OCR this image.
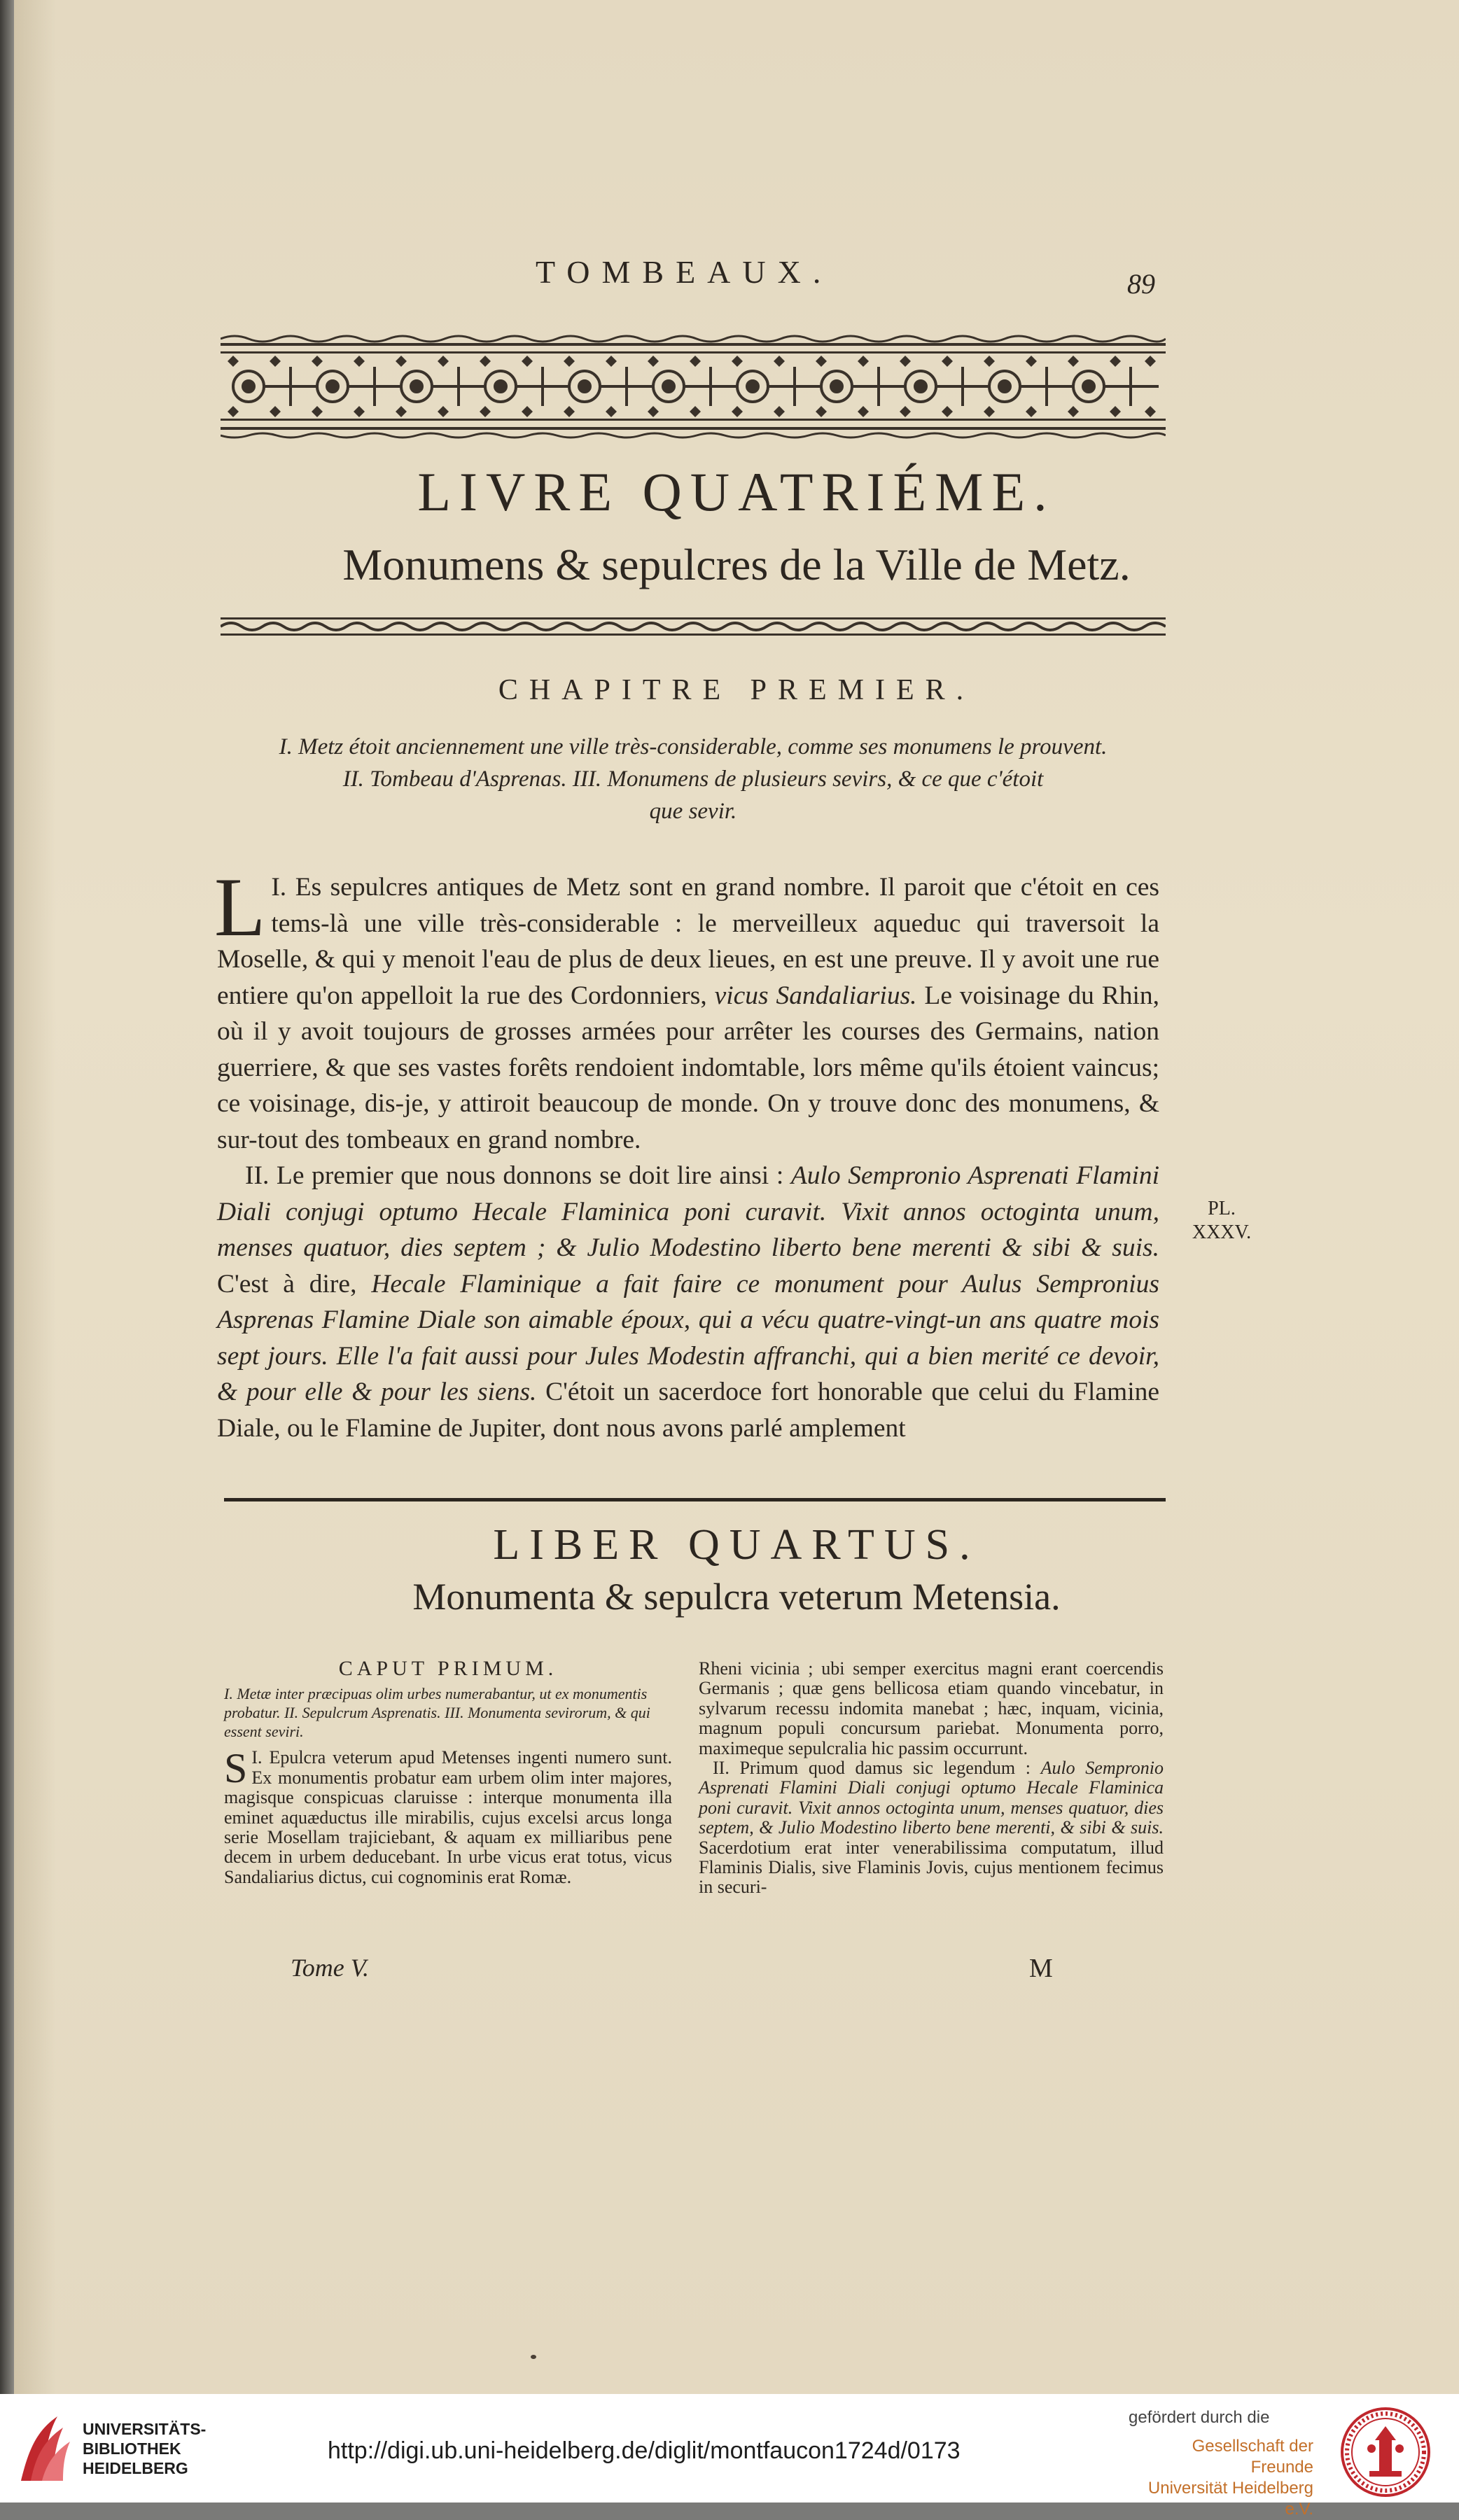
TOMBEAUX.	89
LIVRE QUATRIÉME.
Monumens & sepulcres de la Ville de Metz.
CHAPITRE PREMIER.
I. Metz étoit anciennement une ville très-considerable, comme ses monumens le prouvent.
II. Tombeau d'Asprenas. III. Monumens de plusieurs sevirs, & ce que c'étoit
que sevir.

I.
L Es sepulcres antiques de Metz sont en grand nombre. Il paroit que c'étoit en ces tems-là une ville très-considerable : le merveilleux aqueduc qui traversoit la Moselle, & qui y menoit l'eau de plus de deux lieues, en est une preuve. Il y avoit une rue entiere qu'on appelloit la rue des Cordonniers, vicus Sandaliarius. Le voisinage du Rhin, où il y avoit toujours de grosses armées pour arrêter les courses des Germains, nation guerriere, & que ses vastes forêts rendoient indomtable, lors même qu'ils étoient vaincus; ce voisinage, dis-je, y attiroit beaucoup de monde. On y trouve donc des monumens, & sur-tout des tombeaux en grand nombre.

II. Le premier que nous donnons se doit lire ainsi : Aulo Sempronio Asprenati Flamini Diali conjugi optumo Hecale Flaminica poni curavit. Vixit annos octoginta unum, menses quatuor, dies septem ; & Julio Modestino liberto bene merenti & sibi & suis. C'est à dire, Hecale Flaminique a fait faire ce monument pour Aulus Sempronius Asprenas Flamine Diale son aimable époux, qui a vécu quatre-vingt-un ans quatre mois sept jours. Elle l'a fait aussi pour Jules Modestin affranchi, qui a bien merité ce devoir, & pour elle & pour les siens. C'étoit un sacerdoce fort honorable que celui du Flamine Diale, ou le Flamine de Jupiter, dont nous avons parlé amplement

PL.
XXXV.
LIBER QUARTUS.
Monumenta & sepulcra veterum Metensia.
CAPUT PRIMUM.
I. Metæ inter præcipuas olim urbes numerabantur, ut ex monumentis probatur. II. Sepulcrum Asprenatis. III. Monumenta sevirorum, & qui essent seviri.

I.
S Epulcra veterum apud Metenses ingenti numero sunt. Ex monumentis probatur eam urbem olim inter majores, magisque conspicuas claruisse : interque monumenta illa eminet aquæductus ille mirabilis, cujus excelsi arcus longa serie Mosellam trajiciebant, & aquam ex milliaribus pene decem in urbem deducebant. In urbe vicus erat totus, vicus Sandaliarius dictus, cui cognominis erat Romæ.

Rheni vicinia ; ubi semper exercitus magni erant coercendis Germanis ; quæ gens bellicosa etiam quando vincebatur, in sylvarum recessu indomita manebat ; hæc, inquam, vicinia, magnum populi concursum pariebat. Monumenta porro, maximeque sepulcralia hic passim occurrunt.

II. Primum quod damus sic legendum : Aulo Sempronio Asprenati Flamini Diali conjugi optumo Hecale Flaminica poni curavit. Vixit annos octoginta unum, menses quatuor, dies septem, & Julio Modestino liberto bene merenti, & sibi & suis. Sacerdotium erat inter venerabilissima computatum, illud Flaminis Dialis, sive Flaminis Jovis, cujus mentionem fecimus in securi-

Tome V.	M
UNIVERSITÄTS-
BIBLIOTHEK
HEIDELBERG
http://digi.ub.uni-heidelberg.de/diglit/montfaucon1724d/0173
gefördert durch die
Gesellschaft der Freunde
Universität Heidelberg e.V.
